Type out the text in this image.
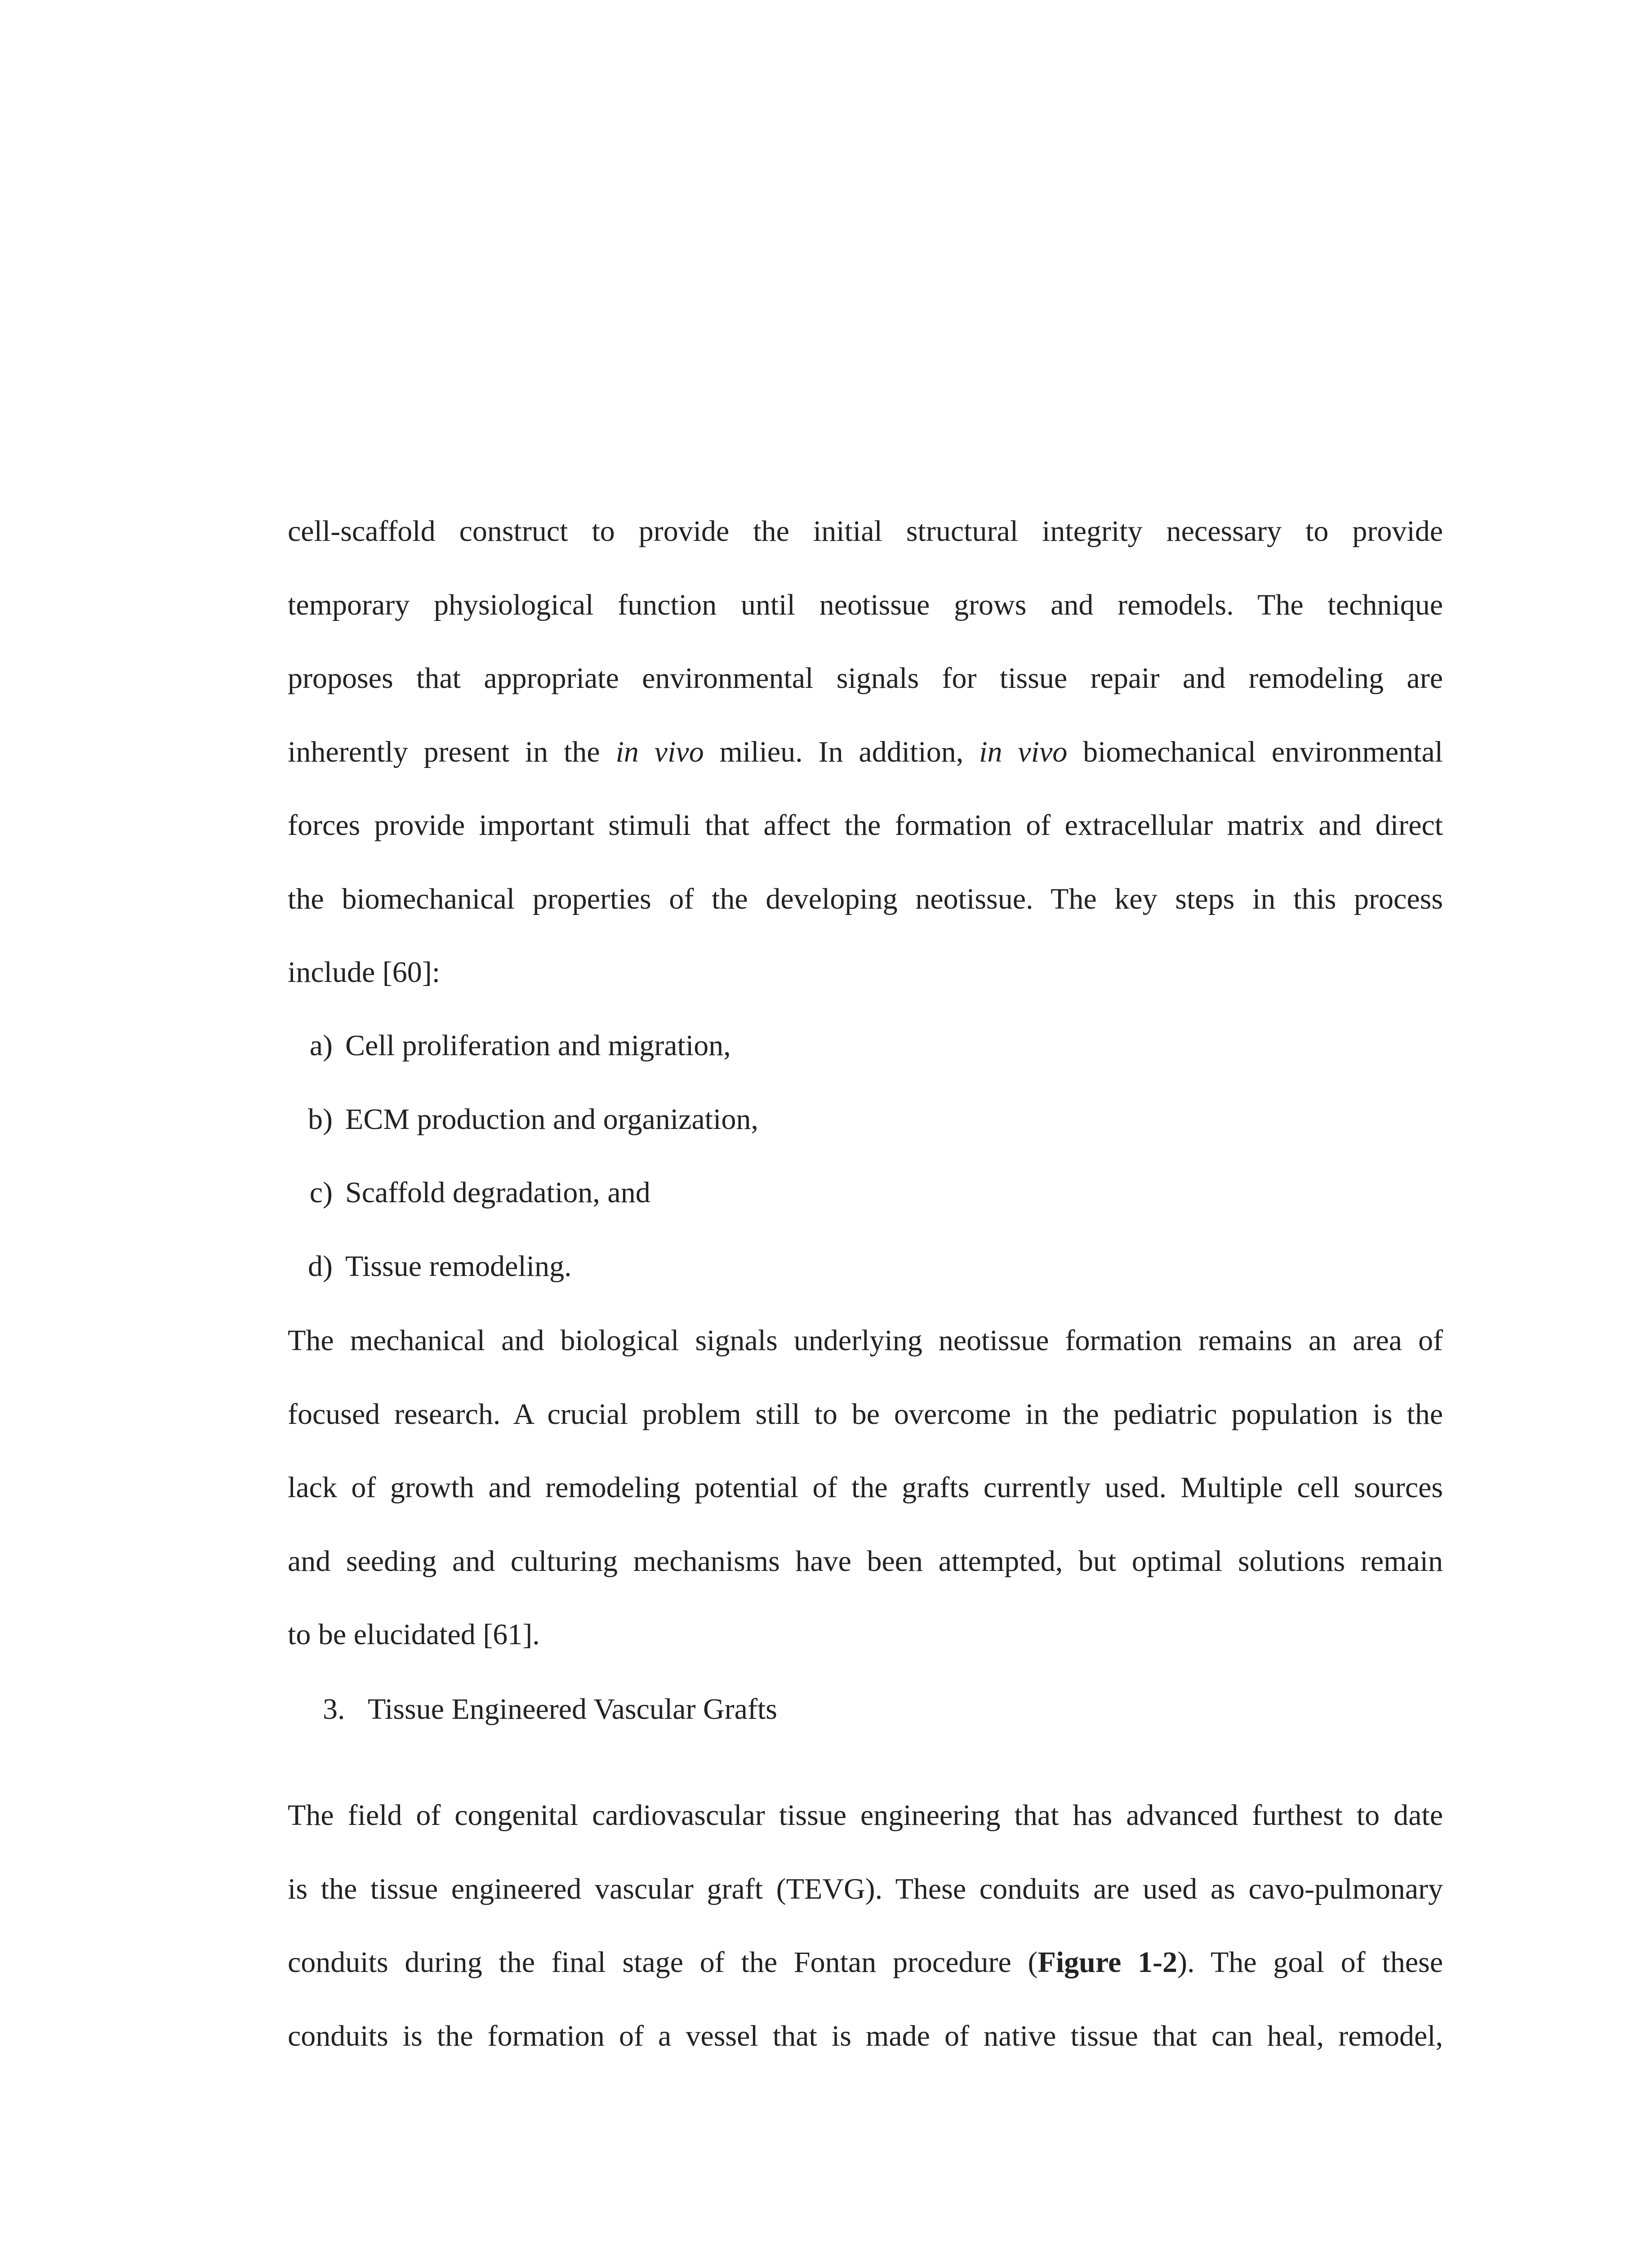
cell-scaffold construct to provide the initial structural integrity necessary to provide
temporary physiological function until neotissue grows and remodels. The technique
proposes that appropriate environmental signals for tissue repair and remodeling are
inherently present in the in vivo milieu. In addition, in vivo biomechanical environmental
forces provide important stimuli that affect the formation of extracellular matrix and direct
the biomechanical properties of the developing neotissue. The key steps in this process
include [60]:
a) Cell proliferation and migration,
b) ECM production and organization,
c) Scaffold degradation, and
d) Tissue remodeling.
The mechanical and biological signals underlying neotissue formation remains an area of
focused research. A crucial problem still to be overcome in the pediatric population is the
lack of growth and remodeling potential of the grafts currently used. Multiple cell sources
and seeding and culturing mechanisms have been attempted, but optimal solutions remain
to be elucidated [61].
3. Tissue Engineered Vascular Grafts
The field of congenital cardiovascular tissue engineering that has advanced furthest to date
is the tissue engineered vascular graft (TEVG). These conduits are used as cavo-pulmonary
conduits during the final stage of the Fontan procedure (Figure 1-2). The goal of these
conduits is the formation of a vessel that is made of native tissue that can heal, remodel,
